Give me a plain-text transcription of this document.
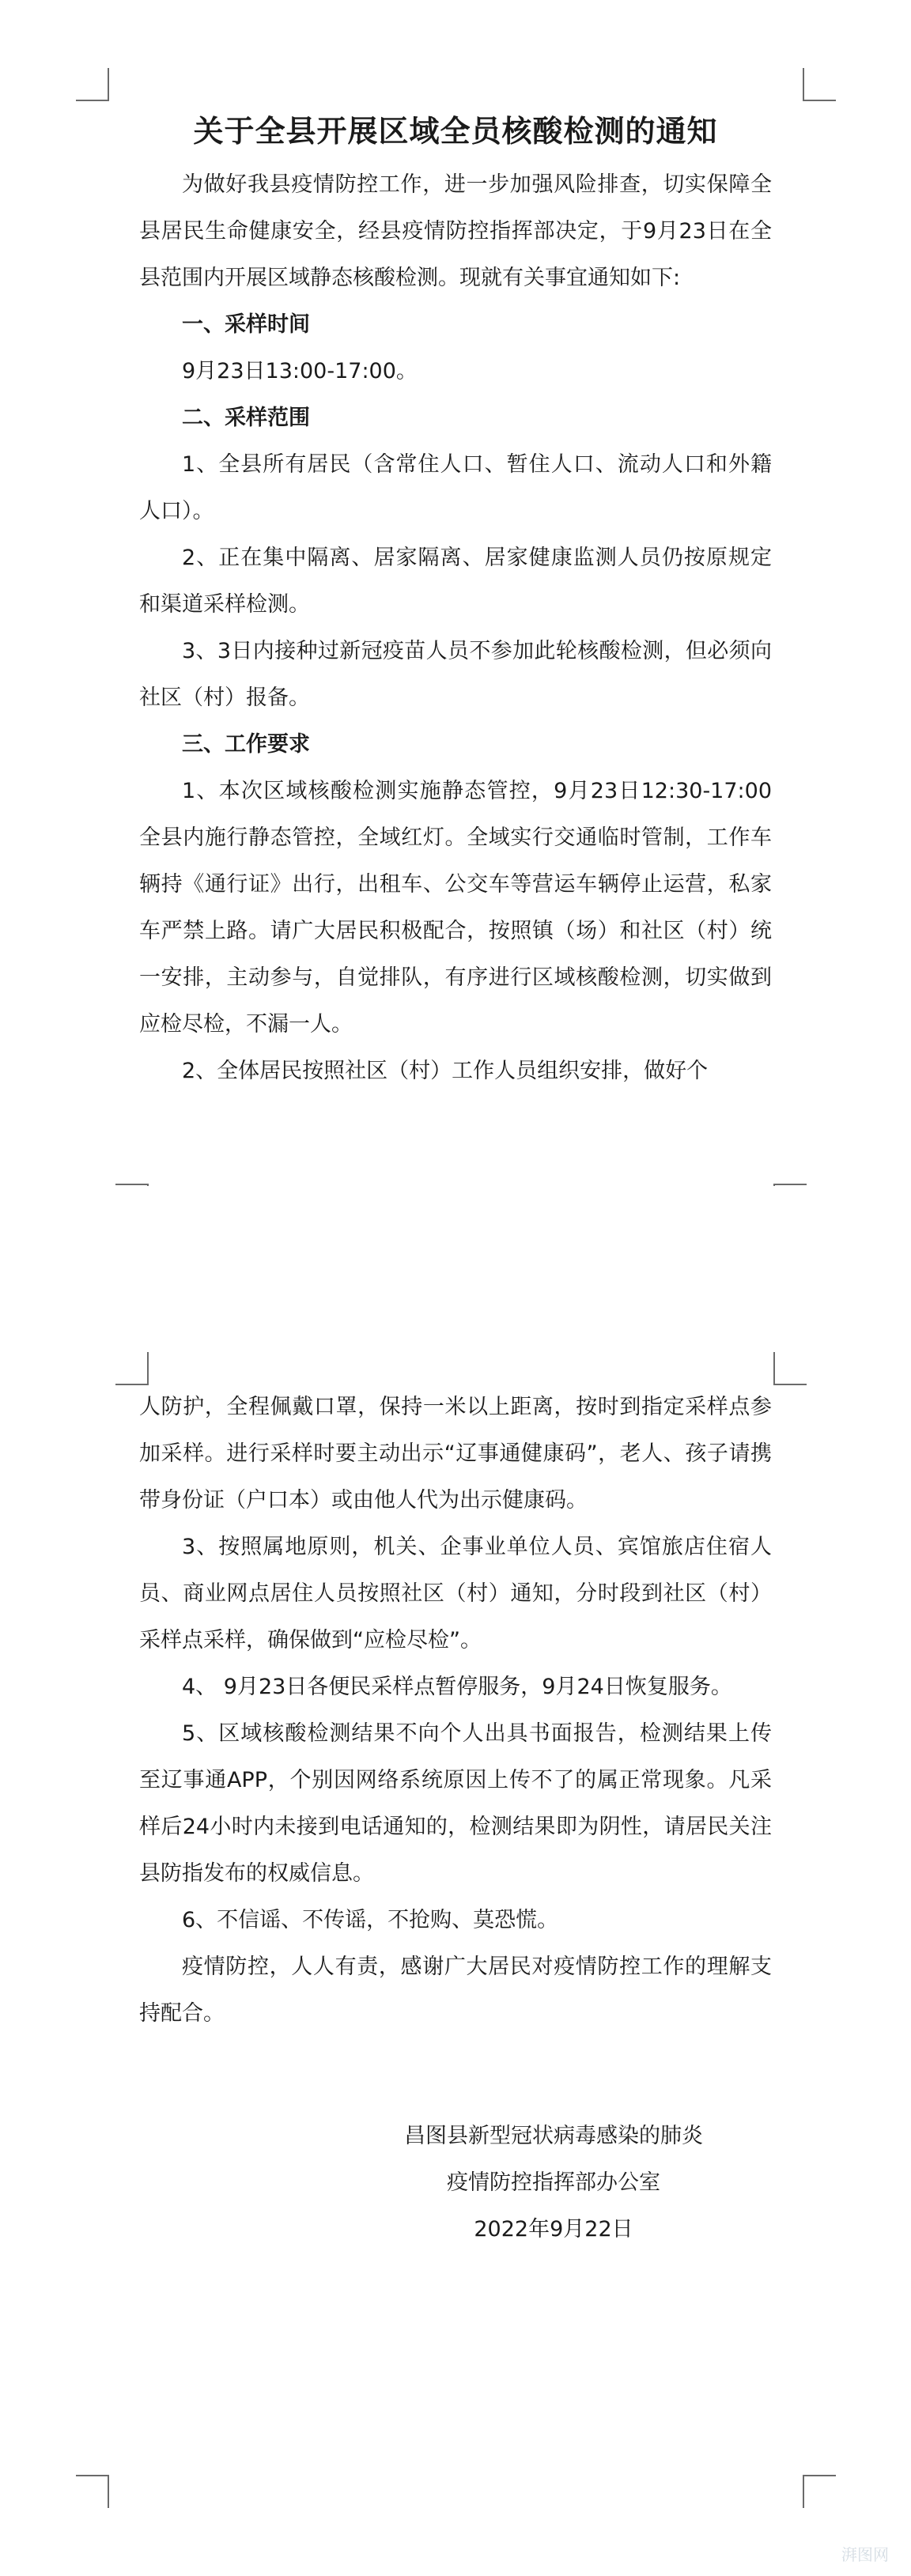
关于全县开展区域全员核酸检测的通知

为做好我县疫情防控工作，进一步加强风险排查，切实保障全县居民生命健康安全，经县疫情防控指挥部决定，于9月23日在全县范围内开展区域静态核酸检测。现就有关事宜通知如下:

一、采样时间

9月23日13:00-17:00。

二、采样范围

1、全县所有居民（含常住人口、暂住人口、流动人口和外籍人口）。

2、正在集中隔离、居家隔离、居家健康监测人员仍按原规定和渠道采样检测。

3、3日内接种过新冠疫苗人员不参加此轮核酸检测，但必须向社区（村）报备。

三、工作要求

1、本次区域核酸检测实施静态管控，9月23日12:30-17:00全县内施行静态管控，全域红灯。全域实行交通临时管制，工作车辆持《通行证》出行，出租车、公交车等营运车辆停止运营，私家车严禁上路。请广大居民积极配合，按照镇（场）和社区（村）统一安排，主动参与，自觉排队，有序进行区域核酸检测，切实做到应检尽检，不漏一人。

2、全体居民按照社区（村）工作人员组织安排，做好个

人防护，全程佩戴口罩，保持一米以上距离，按时到指定采样点参加采样。进行采样时要主动出示“辽事通健康码”，老人、孩子请携带身份证（户口本）或由他人代为出示健康码。

3、按照属地原则，机关、企事业单位人员、宾馆旅店住宿人员、商业网点居住人员按照社区（村）通知，分时段到社区（村）采样点采样，确保做到“应检尽检”。

4、 9月23日各便民采样点暂停服务，9月24日恢复服务。

5、区域核酸检测结果不向个人出具书面报告，检测结果上传至辽事通APP，个别因网络系统原因上传不了的属正常现象。凡采样后24小时内未接到电话通知的，检测结果即为阴性，请居民关注县防指发布的权威信息。

6、不信谣、不传谣，不抢购、莫恐慌。

疫情防控，人人有责，感谢广大居民对疫情防控工作的理解支持配合。

昌图县新型冠状病毒感染的肺炎
疫情防控指挥部办公室
2022年9月22日
湃图网
